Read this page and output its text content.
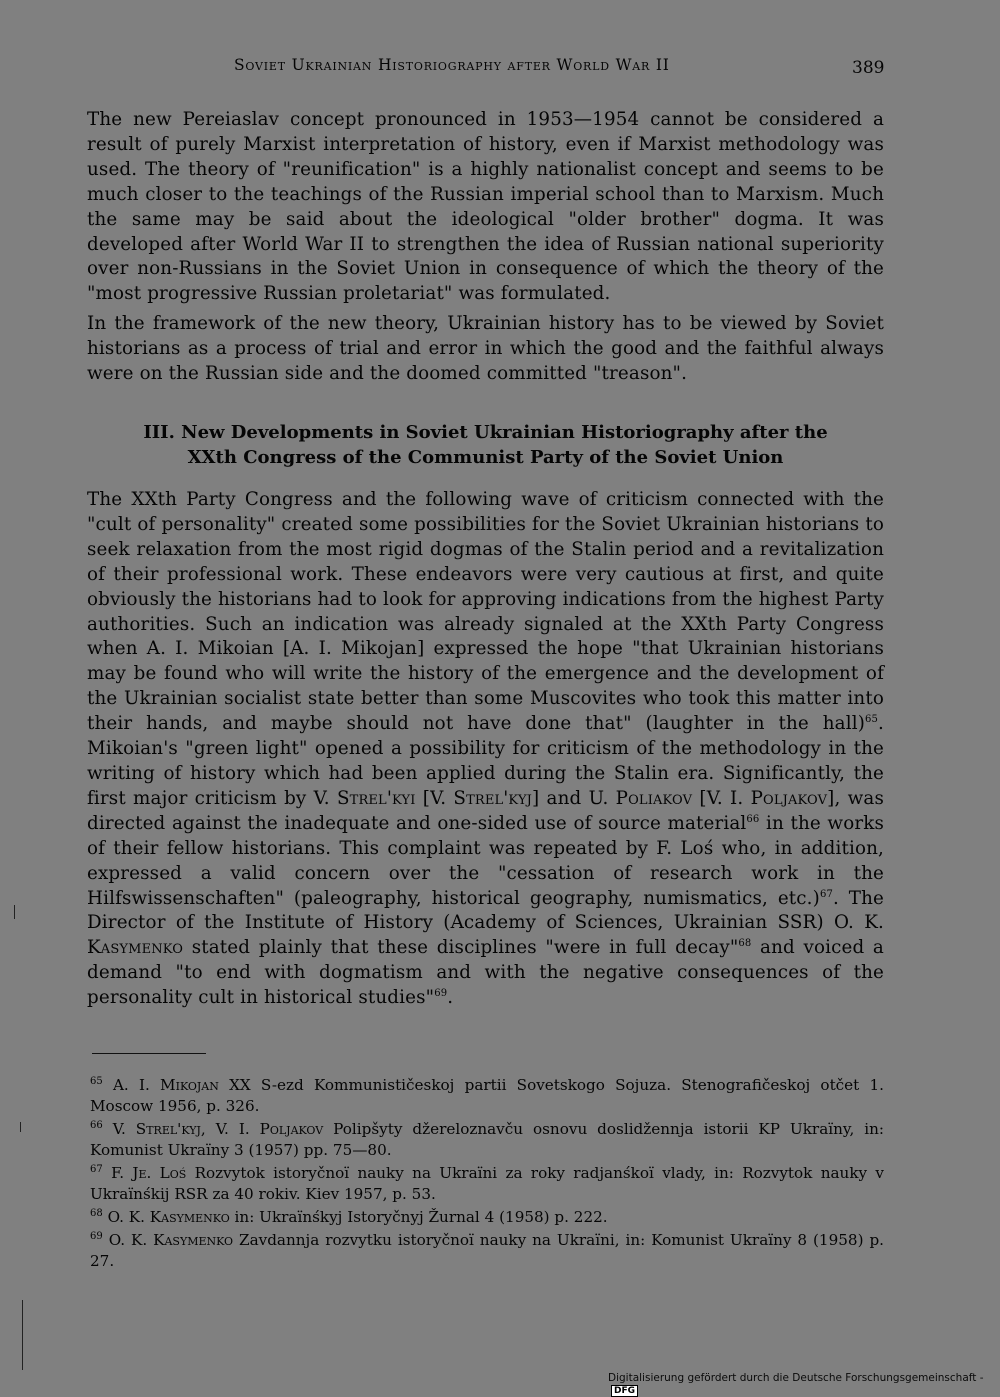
Soviet Ukrainian Historiography after World War II	389

The new Pereiaslav concept pronounced in 1953—1954 cannot be considered a result of purely Marxist interpretation of history, even if Marxist methodology was used. The theory of "reunification" is a highly nationalist concept and seems to be much closer to the teachings of the Russian imperial school than to Marxism. Much the same may be said about the ideological "older brother" dogma. It was developed after World War II to strengthen the idea of Russian national superiority over non-Russians in the Soviet Union in consequence of which the theory of the "most progressive Russian proletariat" was formulated.

In the framework of the new theory, Ukrainian history has to be viewed by Soviet historians as a process of trial and error in which the good and the faithful always were on the Russian side and the doomed committed "treason".

III. New Developments in Soviet Ukrainian Historiography after the
XXth Congress of the Communist Party of the Soviet Union

The XXth Party Congress and the following wave of criticism connected with the "cult of personality" created some possibilities for the Soviet Ukrainian historians to seek relaxation from the most rigid dogmas of the Stalin period and a revitalization of their professional work. These endeavors were very cautious at first, and quite obviously the historians had to look for approving indications from the highest Party authorities. Such an indication was already signaled at the XXth Party Congress when A. I. Mikoian [A. I. Mikojan] expressed the hope "that Ukrainian historians may be found who will write the history of the emergence and the development of the Ukrainian socialist state better than some Muscovites who took this matter into their hands, and maybe should not have done that" (laughter in the hall)$^{65}$. Mikoian's "green light" opened a possibility for criticism of the methodology in the writing of history which had been applied during the Stalin era. Significantly, the first major criticism by V. Strel'kyi [V. Strel'kyj] and U. Poliakov [V. I. Poljakov], was directed against the inadequate and one-sided use of source material$^{66}$ in the works of their fellow historians. This complaint was repeated by F. Loś who, in addition, expressed a valid concern over the "cessation of research work in the Hilfswissenschaften" (paleography, historical geography, numismatics, etc.)$^{67}$. The Director of the Institute of History (Academy of Sciences, Ukrainian SSR) O. K. Kasymenko stated plainly that these disciplines "were in full decay"$^{68}$ and voiced a demand "to end with dogmatism and with the negative consequences of the personality cult in historical studies"$^{69}$.

$^{65}$ A. I. Mikojan XX S-ezd Kommunističeskoj partii Sovetskogo Sojuza. Stenografičeskoj otčet 1. Moscow 1956, p. 326.

$^{66}$ V. Strel'kyj, V. I. Poljakov Polipšyty džereloznavču osnovu doslidžennja istorii KP Ukraïny, in: Komunist Ukraïny 3 (1957) pp. 75—80.

$^{67}$ F. Je. Loś Rozvytok istoryčnoï nauky na Ukraïni za roky radjanśkoï vlady, in: Rozvytok nauky v Ukraïnśkij RSR za 40 rokiv. Kiev 1957, p. 53.

$^{68}$ O. K. Kasymenko in: Ukraïnśkyj Istoryčnyj Žurnal 4 (1958) p. 222.

$^{69}$ O. K. Kasymenko Zavdannja rozvytku istoryčnoï nauky na Ukraïni, in: Komunist Ukraïny 8 (1958) p. 27.

Digitalisierung gefördert durch die Deutsche Forschungsgemeinschaft -DFG
